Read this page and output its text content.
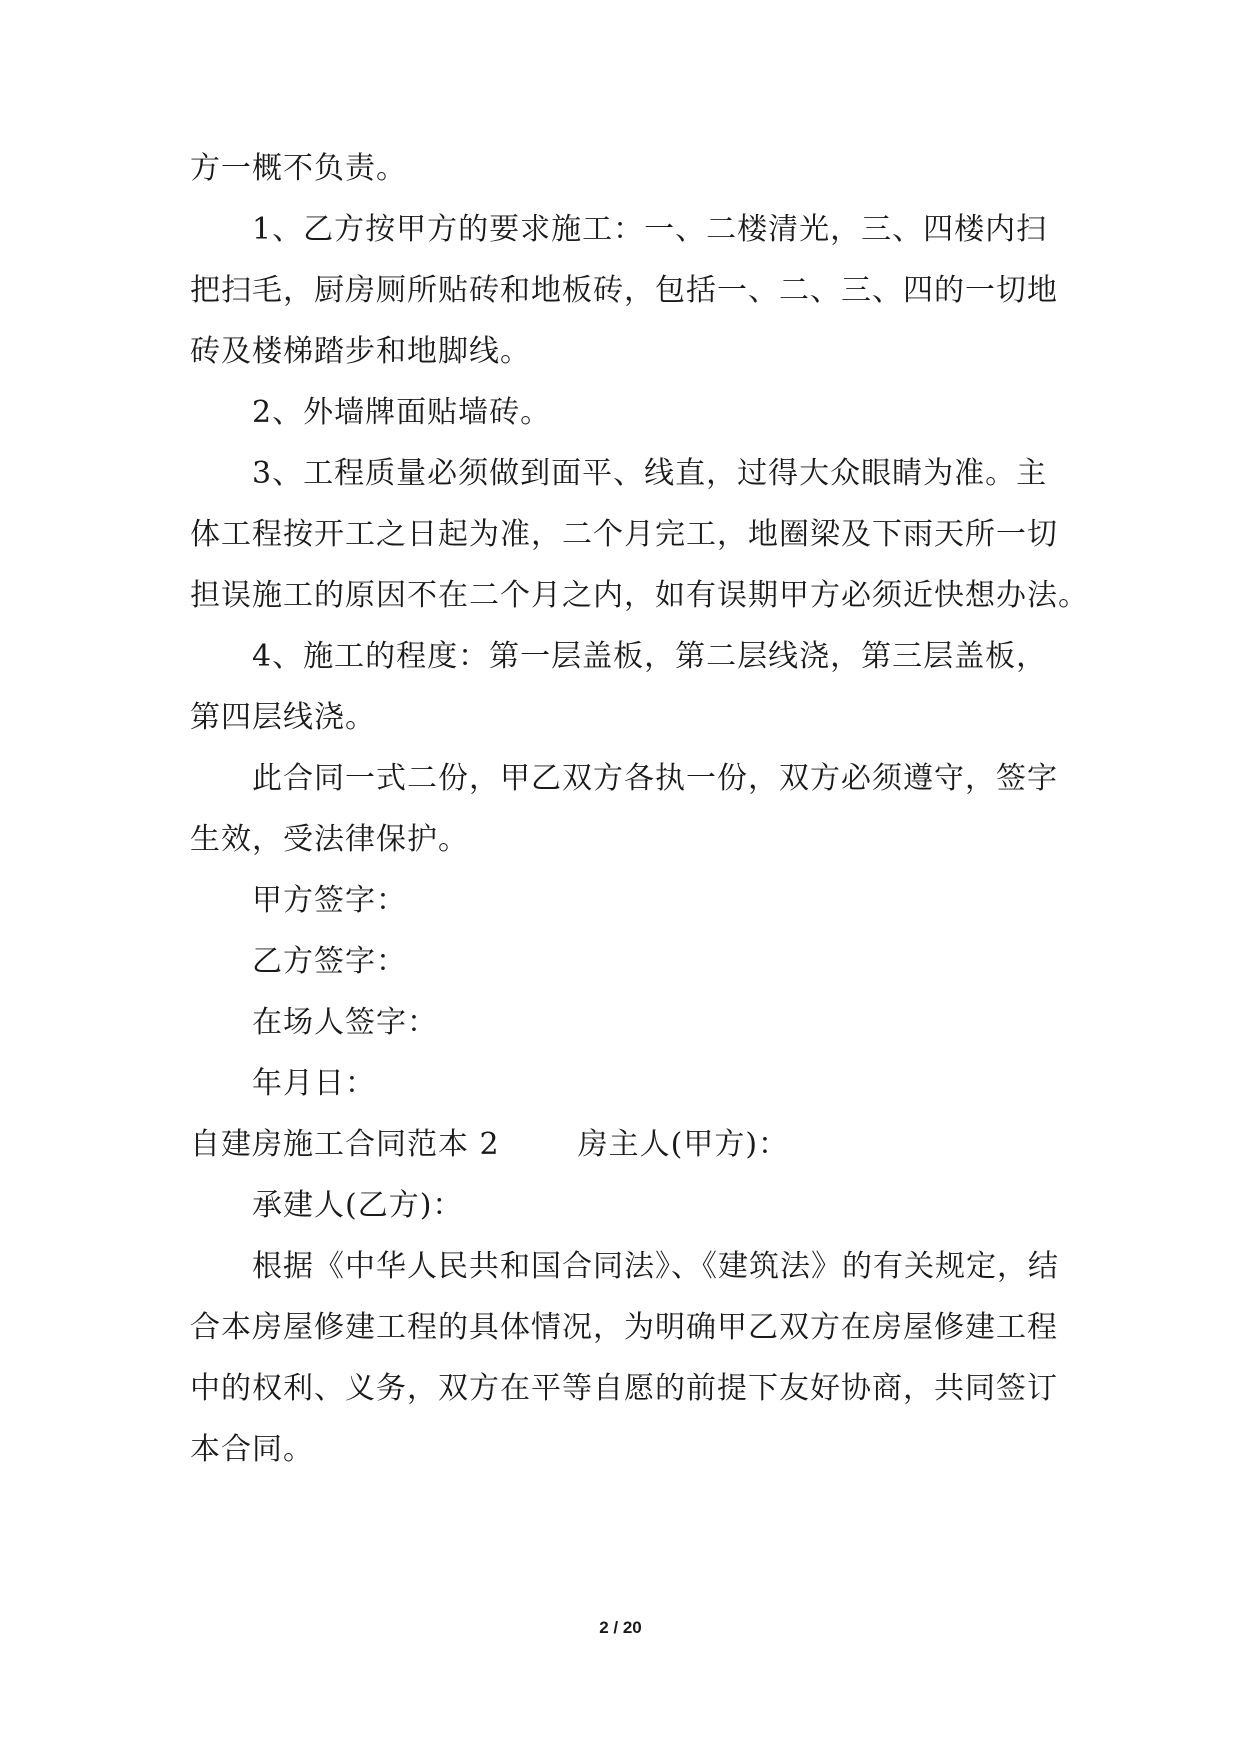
方一概不负责。
1、乙方按甲方的要求施工：一、二楼清光，三、四楼内扫
把扫毛，厨房厕所贴砖和地板砖，包括一、二、三、四的一切地
砖及楼梯踏步和地脚线。
2、外墙牌面贴墙砖。
3、工程质量必须做到面平、线直，过得大众眼睛为准。主
体工程按开工之日起为准，二个月完工，地圈梁及下雨天所一切
担误施工的原因不在二个月之内，如有误期甲方必须近快想办法。
4、施工的程度：第一层盖板，第二层线浇，第三层盖板，
第四层线浇。
此合同一式二份，甲乙双方各执一份，双方必须遵守，签字
生效，受法律保护。
甲方签字：
乙方签字：
在场人签字：
年月日：
自建房施工合同范本 2	房主人(甲方)：
承建人(乙方)：
根据《中华人民共和国合同法》、《建筑法》的有关规定，结
合本房屋修建工程的具体情况，为明确甲乙双方在房屋修建工程
中的权利、义务，双方在平等自愿的前提下友好协商，共同签订
本合同。
2 / 20
